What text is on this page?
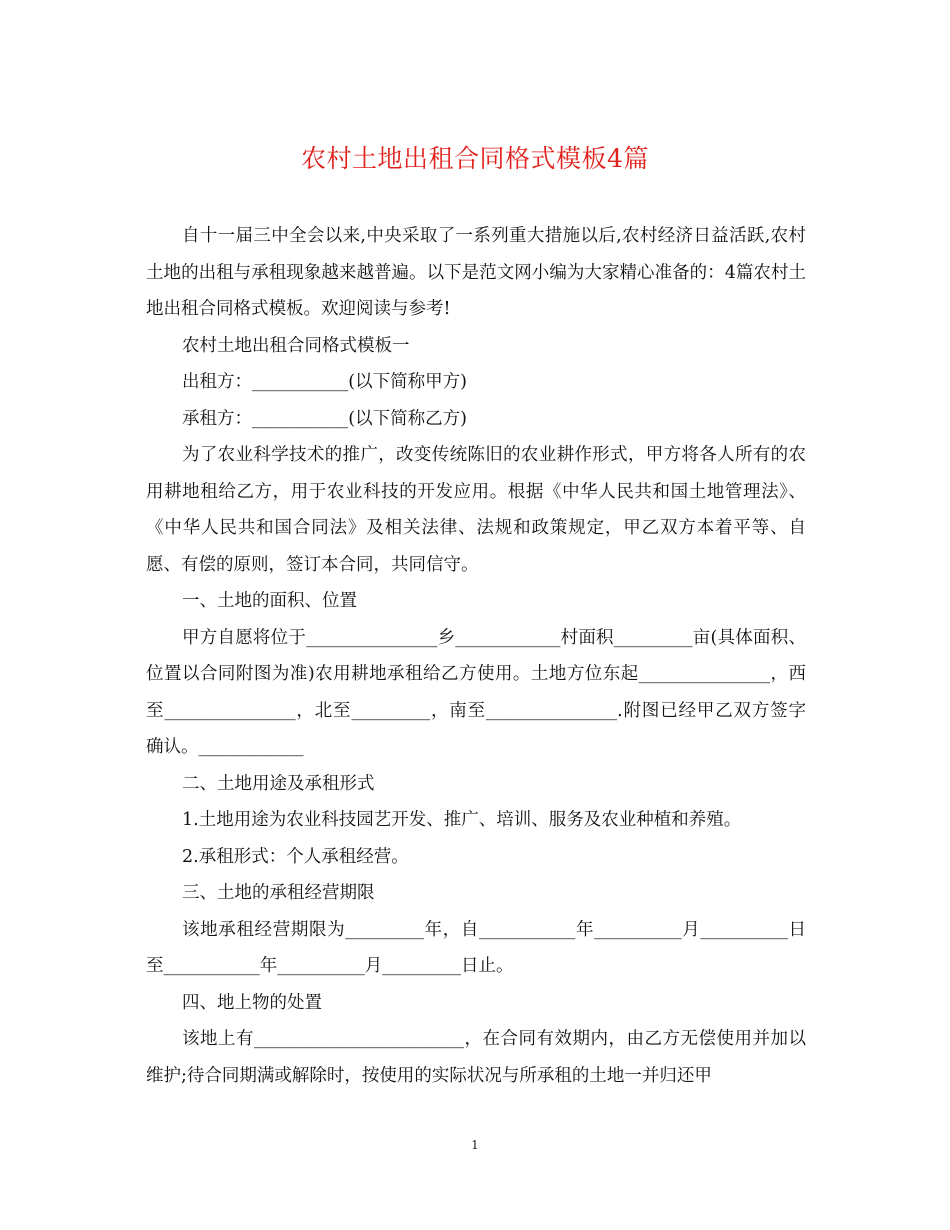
农村土地出租合同格式模板4篇

自十一届三中全会以来,中央采取了一系列重大措施以后,农村经济日益活跃,农村土地的出租与承租现象越来越普遍。以下是范文网小编为大家精心准备的：4篇农村土地出租合同格式模板。欢迎阅读与参考!

农村土地出租合同格式模板一

出租方：___________(以下简称甲方)

承租方：___________(以下简称乙方)

为了农业科学技术的推广，改变传统陈旧的农业耕作形式，甲方将各人所有的农用耕地租给乙方，用于农业科技的开发应用。根据《中华人民共和国土地管理法》、《中华人民共和国合同法》及相关法律、法规和政策规定，甲乙双方本着平等、自愿、有偿的原则，签订本合同，共同信守。

一、土地的面积、位置

甲方自愿将位于_______________乡____________村面积_________亩(具体面积、位置以合同附图为准)农用耕地承租给乙方使用。土地方位东起_______________，西至_______________，北至_________，南至_______________.附图已经甲乙双方签字确认。____________

二、土地用途及承租形式

1.土地用途为农业科技园艺开发、推广、培训、服务及农业种植和养殖。

2.承租形式：个人承租经营。

三、土地的承租经营期限

该地承租经营期限为_________年，自___________年__________月__________日至___________年__________月_________日止。

四、地上物的处置

该地上有________________________，在合同有效期内，由乙方无偿使用并加以维护;待合同期满或解除时，按使用的实际状况与所承租的土地一并归还甲

1
